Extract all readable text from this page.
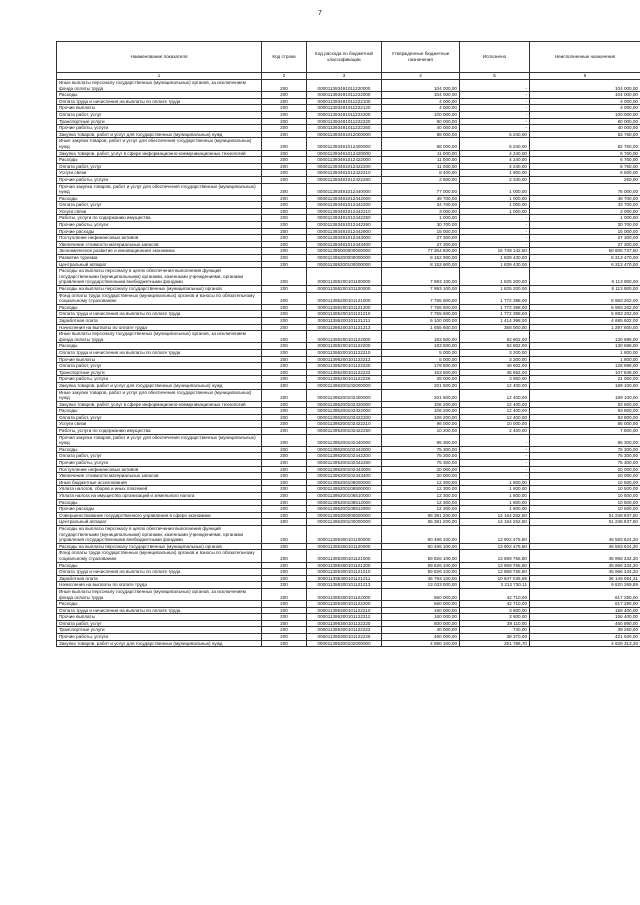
7
Наименование показателя	Код строки	Код расхода по бюджетной классификации	Утвержденные бюджетные назначения	Исполнено	Неисполненные назначения
1	2	3	4	5	6
Иные выплаты персоналу государственных (муниципальных) органов, за исключением фонда оплаты труда	200	000011393491011220000	104 000,00	-	104 000,00
Расходы	200	000011393491011222000	104 000,00	-	104 000,00
Оплата труда и начисления на выплаты по оплате труда	200	000011393491011222100	4 000,00	-	4 000,00
Прочие выплаты	200	000011393491011222120	4 000,00	-	4 000,00
Оплата работ, услуг	200	000011393491011222200	100 000,00	-	100 000,00
Транспортные услуги	200	000011393491011222220	60 000,00	-	60 000,00
Прочие работы, услуги	200	000011393491011222260	40 000,00	-	40 000,00
Закупка товаров, работ и услуг для государственных (муниципальных) нужд	200	000011393491012000000	88 000,00	5 240,00	82 760,00
Иные закупки товаров, работ и услуг для обеспечения государственных (муниципальных) нужд	200	000011393491012400000	88 000,00	5 240,00	82 760,00
Закупка товаров, работ, услуг в сфере информационно-коммуникационных технологий	200	000011393491012420000	11 000,00	4 240,00	6 760,00
Расходы	200	000011393491012422000	11 000,00	4 240,00	6 760,00
Оплата работ, услуг	200	000011393491012422200	11 000,00	4 240,00	6 760,00
Услуги связи	200	000011393491012422210	8 400,00	1 900,00	6 500,00
Прочие работы, услуги	200	000011393491012422260	2 600,00	2 340,00	260,00
Прочая закупка товаров, работ и услуг для обеспечения государственных (муниципальных) нужд	200	000011393491012440000	77 000,00	1 000,00	76 000,00
Расходы	200	000011393491012442000	49 700,00	1 000,00	48 700,00
Оплата работ, услуг	200	000011393491012442200	34 700,00	1 000,00	33 700,00
Услуги связи	200	000011393491012442210	3 000,00	1 000,00	2 000,00
Работы, услуги по содержанию имущества	200	000011393491012442250	1 000,00	-	1 000,00
Прочие работы, услуги	200	000011393491012442260	30 700,00	-	30 700,00
Прочие расходы	200	000011393491012442900	15 000,00	-	15 000,00
Поступление нефинансовых активов	200	000011393491012443000	27 300,00	-	27 300,00
Увеличение стоимости материальных запасов	200	000011393491012443400	27 300,00	-	27 300,00
Экономическое развитие и инновационная экономика	200	000011395000000000000	77 364 600,00	16 749 142,50	60 605 737,50
Развитие туризма	200	000011395200000000000	8 152 900,00	1 839 430,00	6 313 470,00
Центральный аппарат	200	000011395200100000000	8 152 900,00	1 839 430,00	6 313 470,00
Расходы на выплаты персоналу в целях обеспечения выполнения функций государственными (муниципальными) органами, казенными учреждениями, органами управления государственными внебюджетными фондами	200	000011395200101100000	7 993 100,00	1 825 200,00	6 113 900,00
Расходы на выплаты персоналу государственных (муниципальных) органов	200	000011395200101120000	7 993 100,00	1 825 200,00	6 113 900,00
Фонд оплаты труда государственных (муниципальных) органов и взносы по обязательному социальному страхованию	200	000011395200101121000	7 755 600,00	1 772 398,00	5 983 202,00
Расходы	200	000011395200101121200	7 755 600,00	1 772 398,00	5 983 202,00
Оплата труда и начисления на выплаты по оплате труда	200	000011395200101121210	7 755 600,00	1 772 398,00	5 983 202,00
Заработная плата	200	000011395200101121211	6 100 000,00	1 414 398,00	4 685 602,00
Начисления на выплаты по оплате труда	200	000011395200101121213	1 655 600,00	358 000,00	1 297 600,00
Иные выплаты персоналу государственных (муниципальных) органов, за исключением фонда оплаты труда	200	000011395200101122000	183 500,00	52 802,00	130 698,00
Расходы	200	000011395200101122200	183 500,00	52 802,00	130 698,00
Оплата труда и начисления на выплаты по оплате труда	200	000011395200101122210	5 000,00	3 200,00	1 800,00
Прочие выплаты	200	000011395200101122212	5 000,00	3 200,00	1 800,00
Оплата работ, услуг	200	000011395200101122220	178 500,00	49 602,00	128 898,00
Транспортные услуги	200	000011395200101122222	153 500,00	45 652,00	107 848,00
Прочие работы, услуги	200	000011395200101122226	25 000,00	3 950,00	21 050,00
Закупка товаров, работ и услуг для государственных (муниципальных) нужд	200	000011395200102000000	201 500,00	12 400,00	189 100,00
Иные закупки товаров, работ и услуг для обеспечения государственных (муниципальных) нужд	200	000011395200102400000	201 500,00	12 400,00	189 100,00
Закупка товаров, работ, услуг в сфере информационно-коммуникационных технологий	200	000011395200102420000	106 200,00	12 400,00	93 800,00
Расходы	200	000011395200102422000	106 200,00	12 400,00	93 800,00
Оплата работ, услуг	200	000011395200102422200	106 200,00	12 400,00	93 800,00
Услуги связи	200	000011395200102422210	96 000,00	10 000,00	86 000,00
Работы, услуги по содержанию имущества	200	000011395200102422250	10 200,00	2 400,00	7 800,00
Прочая закупка товаров, работ и услуг для обеспечения государственных (муниципальных) нужд	200	000011395200102440000	95 300,00	-	95 300,00
Расходы	200	000011395200102442000	75 300,00	-	75 300,00
Оплата работ, услуг	200	000011395200102442200	75 300,00	-	75 300,00
Прочие работы, услуги	200	000011395200102442260	75 300,00	-	75 300,00
Поступление нефинансовых активов	200	000011395200102443000	20 000,00	-	20 000,00
Увеличение стоимости материальных запасов	200	000011395200102443400	20 000,00	-	20 000,00
Иные бюджетные ассигнования	200	000011395200108000000	12 300,00	1 800,00	10 500,00
Уплата налогов, сборов и иных платежей	200	000011395200108500000	12 300,00	1 800,00	10 500,00
Уплата налога на имущество организаций и земельного налога	200	000011395200108510000	12 300,00	1 800,00	10 500,00
Расходы	200	000011395200108512000	12 300,00	1 800,00	10 500,00
Прочие расходы	200	000011395200108512900	12 300,00	1 800,00	10 500,00
Совершенствование государственного управления в сфере экономики	200	000011395300000000000	65 391 200,00	14 154 262,50	51 236 937,50
Центральный аппарат	200	000011395300100000000	65 391 200,00	14 154 262,50	51 236 937,50
Расходы на выплаты персоналу в целях обеспечения выполнения функций государственными (муниципальными) органами, казенными учреждениями, органами управления государственными внебюджетными фондами	200	000011395300101100000	60 486 100,00	13 902 475,80	46 583 624,20
Расходы на выплаты персоналу государственных (муниципальных) органов	200	000011395300101120000	60 486 100,00	13 902 475,80	46 583 624,20
Фонд оплаты труда государственных (муниципальных) органов и взносы по обязательному социальному страхованию	200	000011395300101121000	59 826 100,00	13 859 765,80	45 966 334,20
Расходы	200	000011395300101121200	59 826 100,00	13 859 765,80	45 966 334,20
Оплата труда и начисления на выплаты по оплате труда	200	000011395300101121210	59 826 100,00	13 859 765,80	45 966 334,20
Заработная плата	200	000011395300101121211	46 793 100,00	10 647 035,69	36 146 064,31
Начисления на выплаты по оплате труда	200	000011395300101121213	13 033 000,00	3 212 730,11	9 820 269,89
Иные выплаты персоналу государственных (муниципальных) органов, за исключением фонда оплаты труда	200	000011395300101122000	660 000,00	42 710,00	617 290,00
Расходы	200	000011395300101122200	660 000,00	42 710,00	617 290,00
Оплата труда и начисления на выплаты по оплате труда	200	000011395300101122210	160 000,00	3 600,00	156 400,00
Прочие выплаты	200	000011395300101122212	160 000,00	3 600,00	156 400,00
Оплата работ, услуг	200	000011395300101122220	500 000,00	39 110,00	460 890,00
Транспортные услуги	200	000011395300101122222	40 000,00	740,00	39 260,00
Прочие работы, услуги	200	000011395300101122226	460 000,00	38 370,00	421 630,00
Закупка товаров, работ и услуг для государственных (муниципальных) нужд	200	000011395300102000000	4 880 100,00	251 786,70	4 628 313,30
